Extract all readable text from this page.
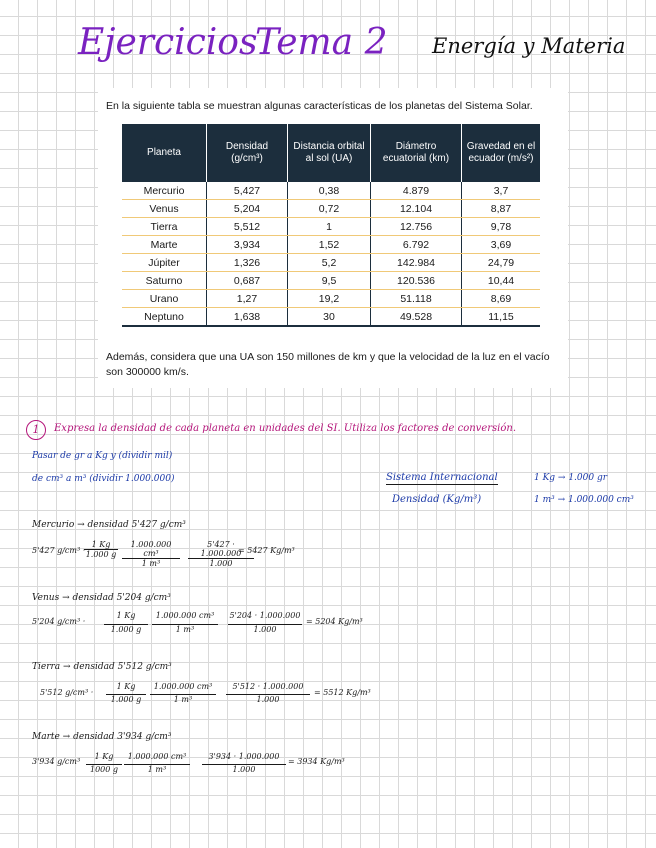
Ejercicios
Tema 2 Energía y Materia
En la siguiente tabla se muestran algunas características de los planetas del Sistema Solar.
Planeta	Densidad (g/cm³)	Distancia orbital al sol (UA)	Diámetro ecuatorial (km)	Gravedad en el ecuador (m/s²)
Mercurio	5,427	0,38	4.879	3,7
Venus	5,204	0,72	12.104	8,87
Tierra	5,512	1	12.756	9,78
Marte	3,934	1,52	6.792	3,69
Júpiter	1,326	5,2	142.984	24,79
Saturno	0,687	9,5	120.536	10,44
Urano	1,27	19,2	51.118	8,69
Neptuno	1,638	30	49.528	11,15
Además, considera que una UA son 150 millones de km y que la velocidad de la luz en el vacío son 300000 km/s.
1	Expresa la densidad de cada planeta en unidades del SI. Utiliza los factores de conversión.
Pasar de gr a Kg y (dividir mil)
de cm³ a m³ (dividir 1.000.000)	Sistema Internacional	1 Kg → 1.000 gr
Densidad (Kg/m³)	1 m³ → 1.000.000 cm³
Mercurio → densidad 5'427 g/cm³
5'427 g/cm³ ·
$\frac{1 Kg}{1.000 g} \frac{\text{1.000.000 cm³}}{\text{1 m³}} \frac{5'427 \cdot 1.000.000}{1.000}$
= 5427 Kg/m³
Venus → densidad 5'204 g/cm³
5'204 $g/cm^3 \cdot \frac{1 Kg}{1.000 g} \frac{\text{1.000.000 cm³}}{\text{1 m³}} \frac{5'204 \cdot 1.000.000}{1.000} = 5204$ Kg/m³
Tierra → densidad 5'512 g/cm³
5'512 $g/cm^3 \cdot \frac{1 Kg}{1.000 g} \frac{\text{1.000.000 cm³}}{\text{1 m³}} \frac{5'512 \cdot 1.000.000}{1.000} = 5512$ Kg/m³
Marte → densidad 3'934 g/cm³
3'934 $g/cm^3 \frac{1 Kg}{1000 g} \frac{\text{1.000.000 cm³}}{\text{1 m³}} \frac{3'934 \cdot 1.000.000}{1.000} = 3934$ Kg/m³
